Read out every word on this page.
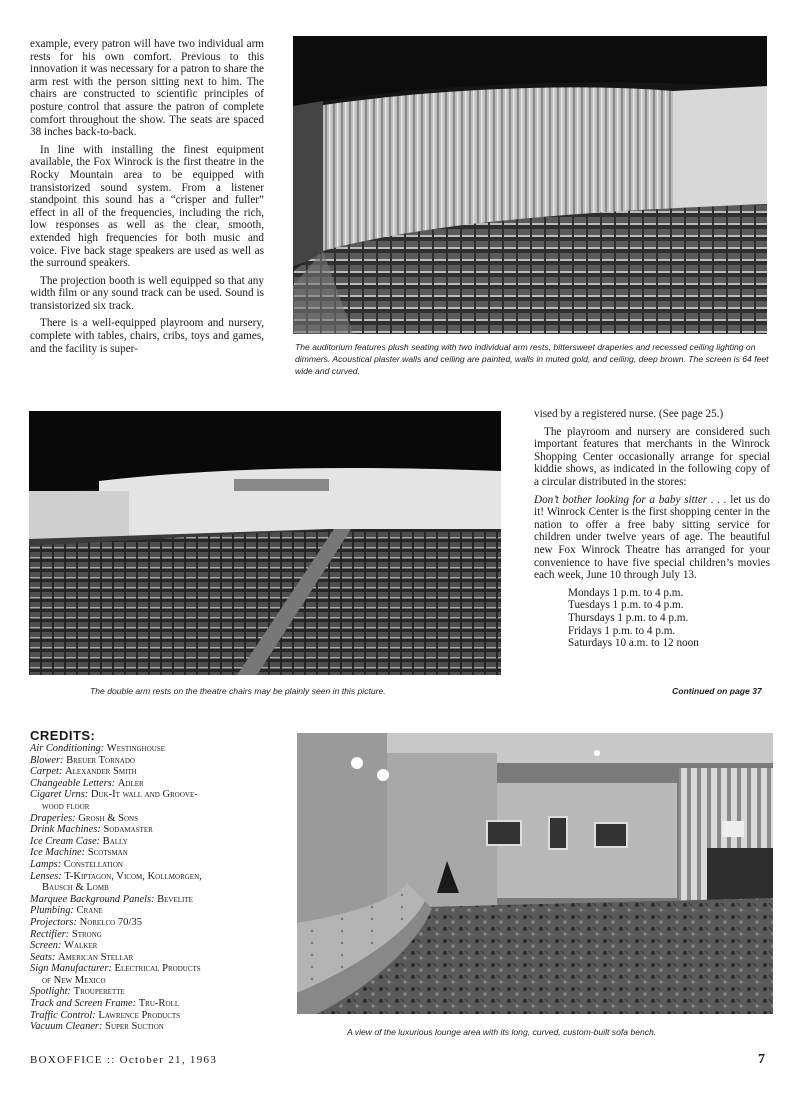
example, every patron will have two individual arm rests for his own comfort. Previous to this innovation it was necessary for a patron to share the arm rest with the person sitting next to him. The chairs are constructed to scientific principles of posture control that assure the patron of complete comfort throughout the show. The seats are spaced 38 inches back-to-back.

In line with installing the finest equipment available, the Fox Winrock is the first theatre in the Rocky Mountain area to be equipped with transistorized sound system. From a listener standpoint this sound has a “crisper and fuller” effect in all of the frequencies, including the rich, low responses as well as the clear, smooth, extended high frequencies for both music and voice. Five back stage speakers are used as well as the surround speakers.

The projection booth is well equipped so that any width film or any sound track can be used. Sound is transistorized six track.

There is a well-equipped playroom and nursery, complete with tables, chairs, cribs, toys and games, and the facility is super-	The auditorium features plush seating with two individual arm rests, bittersweet draperies and recessed ceiling lighting on dimmers. Acoustical plaster walls and ceiling are painted, walls in muted gold, and ceiling, deep brown. The screen is 64 feet wide and curved.
The double arm rests on the theatre chairs may be plainly seen in this picture.

vised by a registered nurse. (See page 25.)

The playroom and nursery are considered such important features that merchants in the Winrock Shopping Center occasionally arrange for special kiddie shows, as indicated in the following copy of a circular distributed in the stores:

Don’t bother looking for a baby sitter . . . let us do it! Winrock Center is the first shopping center in the nation to offer a free baby sitting service for children under twelve years of age. The beautiful new Fox Winrock Theatre has arranged for your convenience to have five special children’s movies each week, June 10 through July 13.

Mondays 1 p.m. to 4 p.m.
Tuesdays 1 p.m. to 4 p.m.
Thursdays 1 p.m. to 4 p.m.
Fridays 1 p.m. to 4 p.m.
Saturdays 10 a.m. to 12 noon
Continued on page 37
CREDITS:
Air Conditioning: Westinghouse
Blower: Breuer Tornado
Carpet: Alexander Smith
Changeable Letters: Adler
Cigaret Urns: Duk-It wall and Groove-
wood floor
Draperies: Grosh & Sons
Drink Machines: Sodamaster
Ice Cream Case: Bally
Ice Machine: Scotsman
Lamps: Constellation
Lenses: T-Kiptagon, Vicom, Kollmorgen,
Bausch & Lomb
Marquee Background Panels: Bevelite
Plumbing: Crane
Projectors: Norelco 70/35
Rectifier: Strong
Screen: Walker
Seats: American Stellar
Sign Manufacturer: Electrical Products
of New Mexico
Spotlight: Trouperette
Track and Screen Frame: Tru-Roll
Traffic Control: Lawrence Products
Vacuum Cleaner: Super Suction	A view of the luxurious lounge area with its long, curved, custom-built sofa bench.
BOXOFFICE :: October 21, 1963	7
